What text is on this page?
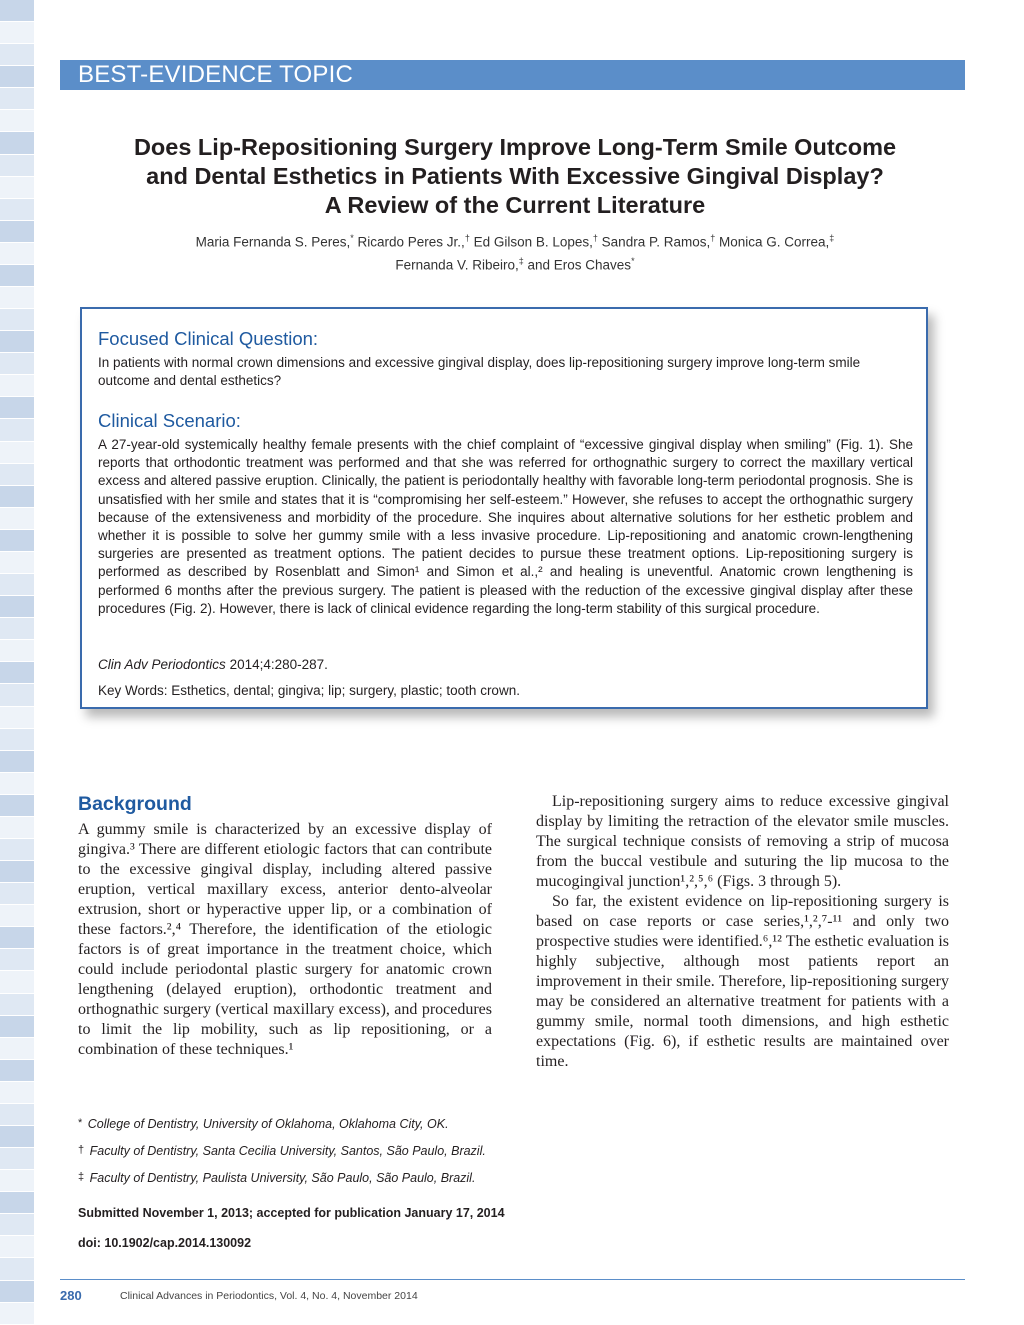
BEST-EVIDENCE TOPIC
Does Lip-Repositioning Surgery Improve Long-Term Smile Outcome
and Dental Esthetics in Patients With Excessive Gingival Display?
A Review of the Current Literature
Maria Fernanda S. Peres,* Ricardo Peres Jr.,† Ed Gilson B. Lopes,† Sandra P. Ramos,† Monica G. Correa,‡
Fernanda V. Ribeiro,‡ and Eros Chaves*
Focused Clinical Question:

In patients with normal crown dimensions and excessive gingival display, does lip-repositioning surgery improve long-term smile outcome and dental esthetics?

Clinical Scenario:

A 27-year-old systemically healthy female presents with the chief complaint of “excessive gingival display when smiling” (Fig. 1). She reports that orthodontic treatment was performed and that she was referred for orthognathic surgery to correct the maxillary vertical excess and altered passive eruption. Clinically, the patient is periodontally healthy with favorable long-term periodontal prognosis. She is unsatisfied with her smile and states that it is “compromising her self-esteem.” However, she refuses to accept the orthognathic surgery because of the extensiveness and morbidity of the procedure. She inquires about alternative solutions for her esthetic problem and whether it is possible to solve her gummy smile with a less invasive procedure. Lip-repositioning and anatomic crown-lengthening surgeries are presented as treatment options. The patient decides to pursue these treatment options. Lip-repositioning surgery is performed as described by Rosenblatt and Simon¹ and Simon et al.,² and healing is uneventful. Anatomic crown lengthening is performed 6 months after the previous surgery. The patient is pleased with the reduction of the excessive gingival display after these procedures (Fig. 2). However, there is lack of clinical evidence regarding the long-term stability of this surgical procedure.

Clin Adv Periodontics 2014;4:280-287.
Key Words: Esthetics, dental; gingiva; lip; surgery, plastic; tooth crown.
Background

A gummy smile is characterized by an excessive display of gingiva.³ There are different etiologic factors that can contribute to the excessive gingival display, including altered passive eruption, vertical maxillary excess, anterior dento-alveolar extrusion, short or hyperactive upper lip, or a combination of these factors.²,⁴ Therefore, the identification of the etiologic factors is of great importance in the treatment choice, which could include periodontal plastic surgery for anatomic crown lengthening (delayed eruption), orthodontic treatment and orthognathic surgery (vertical maxillary excess), and procedures to limit the lip mobility, such as lip repositioning, or a combination of these techniques.¹

Lip-repositioning surgery aims to reduce excessive gingival display by limiting the retraction of the elevator smile muscles. The surgical technique consists of removing a strip of mucosa from the buccal vestibule and suturing the lip mucosa to the mucogingival junction¹,²,⁵,⁶ (Figs. 3 through 5).

So far, the existent evidence on lip-repositioning surgery is based on case reports or case series,¹,²,⁷-¹¹ and only two prospective studies were identified.⁶,¹² The esthetic evaluation is highly subjective, although most patients report an improvement in their smile. Therefore, lip-repositioning surgery may be considered an alternative treatment for patients with a gummy smile, normal tooth dimensions, and high esthetic expectations (Fig. 6), if esthetic results are maintained over time.

* College of Dentistry, University of Oklahoma, Oklahoma City, OK.
† Faculty of Dentistry, Santa Cecilia University, Santos, São Paulo, Brazil.
‡ Faculty of Dentistry, Paulista University, São Paulo, São Paulo, Brazil.
Submitted November 1, 2013; accepted for publication January 17, 2014
doi: 10.1902/cap.2014.130092
280	Clinical Advances in Periodontics, Vol. 4, No. 4, November 2014
